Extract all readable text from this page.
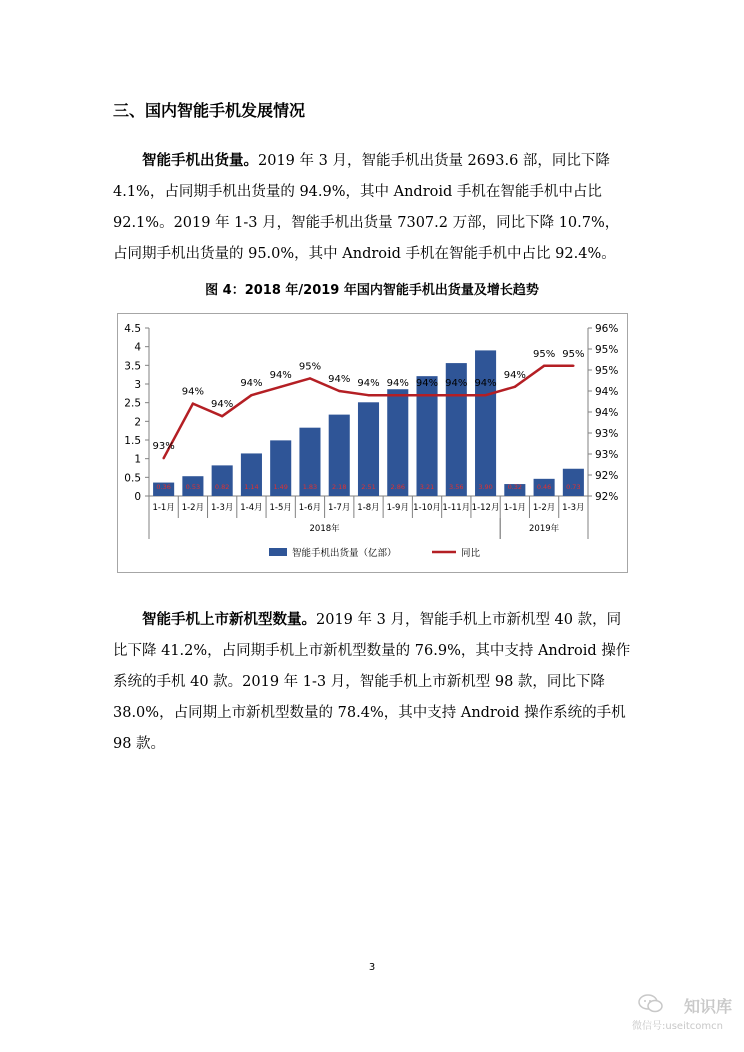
三、国内智能手机发展情况
智能手机出货量。2019 年 3 月，智能手机出货量 2693.6 部，同比下降 4.1%，占同期手机出货量的 94.9%，其中 Android 手机在智能手机中占比 92.1%。2019 年 1-3 月，智能手机出货量 7307.2 万部，同比下降 10.7%，占同期手机出货量的 95.0%，其中 Android 手机在智能手机中占比 92.4%。
图 4：2018 年/2019 年国内智能手机出货量及增长趋势
0
0.5
1
1.5
2
2.5
3
3.5
4
4.5
92%
92%
93%
93%
94%
94%
95%
95%
96%
0.36 0.53 0.82 1.14 1.49 1.83 2.18 2.51 2.86 3.21 3.56 3.90 0.32 0.46 0.73
93%
94%
94%
94%
94%
95%
94% 94% 94% 94% 94% 94%
94%
95% 95%
1-1月 1-2月 1-3月 1-4月 1-5月 1-6月 1-7月 1-8月 1-9月 1-10月 1-11月 1-12月 1-1月 1-2月 1-3月
2018年	2019年
智能手机出货量（亿部）	同比
智能手机上市新机型数量。2019 年 3 月，智能手机上市新机型 40 款，同比下降 41.2%，占同期手机上市新机型数量的 76.9%，其中支持 Android 操作系统的手机 40 款。2019 年 1-3 月，智能手机上市新机型 98 款，同比下降 38.0%，占同期上市新机型数量的 78.4%，其中支持 Android 操作系统的手机 98 款。
3
知识库
微信号:useitcomcn
